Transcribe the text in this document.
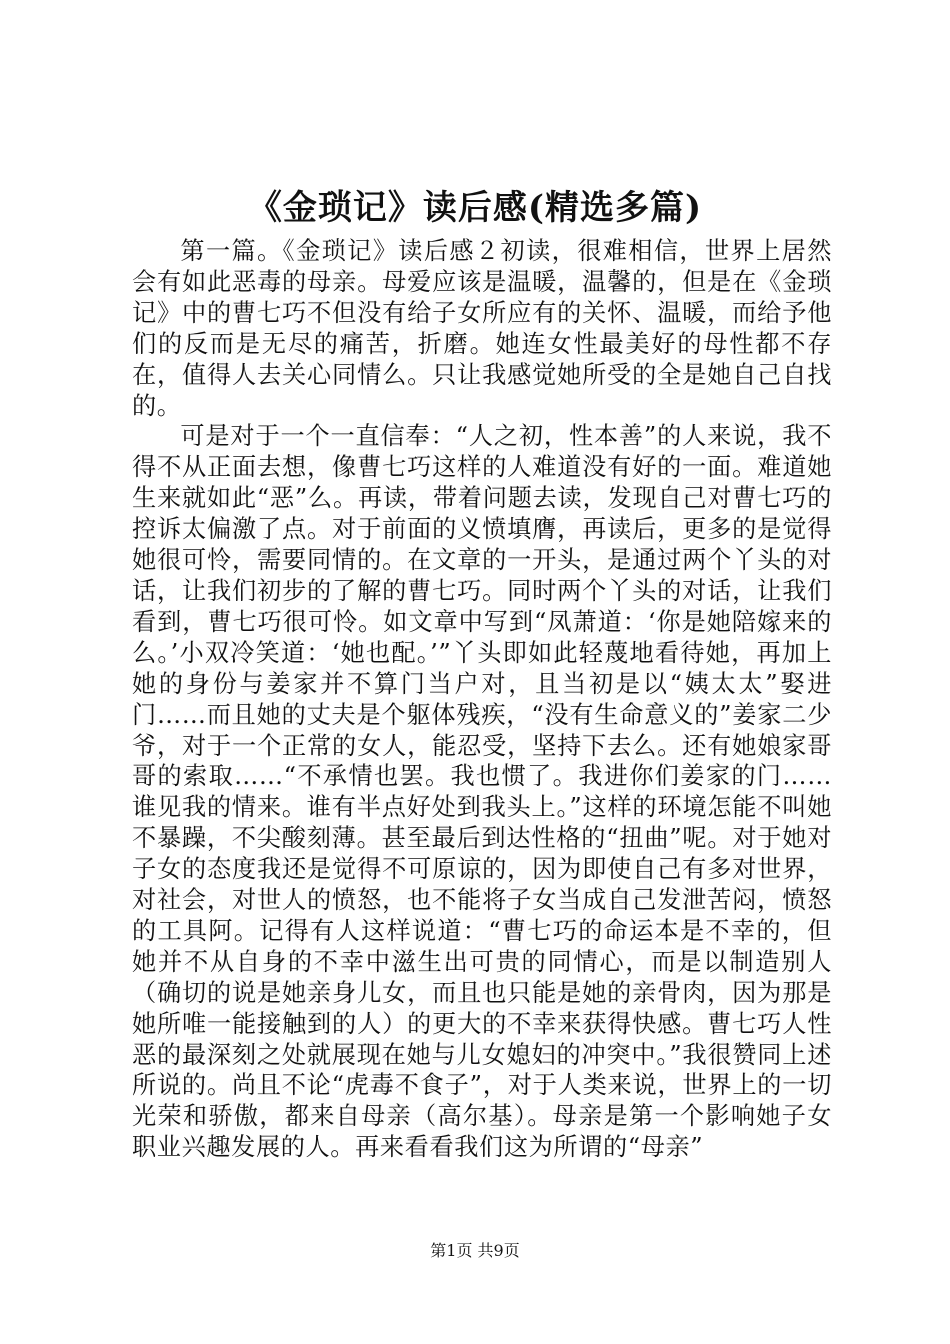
《金琐记》读后感(精选多篇)

第一篇。《金琐记》读后感２初读，很难相信，世界上居然会有如此恶毒的母亲。母爱应该是温暖，温馨的，但是在《金琐记》中的曹七巧不但没有给子女所应有的关怀、温暖，而给予他们的反而是无尽的痛苦，折磨。她连女性最美好的母性都不存在，值得人去关心同情么。只让我感觉她所受的全是她自己自找的。

可是对于一个一直信奉：“人之初，性本善”的人来说，我不得不从正面去想，像曹七巧这样的人难道没有好的一面。难道她生来就如此“恶”么。再读，带着问题去读，发现自己对曹七巧的控诉太偏激了点。对于前面的义愤填膺，再读后，更多的是觉得她很可怜，需要同情的。在文章的一开头，是通过两个丫头的对话，让我们初步的了解的曹七巧。同时两个丫头的对话，让我们看到，曹七巧很可怜。如文章中写到“凤萧道：‘你是她陪嫁来的么。’小双冷笑道：‘她也配。’”丫头即如此轻蔑地看待她，再加上她的身份与姜家并不算门当户对，且当初是以“姨太太”娶进门……而且她的丈夫是个躯体残疾，“没有生命意义的”姜家二少爷，对于一个正常的女人，能忍受，坚持下去么。还有她娘家哥哥的索取……“不承情也罢。我也惯了。我进你们姜家的门……谁见我的情来。谁有半点好处到我头上。”这样的环境怎能不叫她不暴躁，不尖酸刻薄。甚至最后到达性格的“扭曲”呢。对于她对子女的态度我还是觉得不可原谅的，因为即使自己有多对世界，对社会，对世人的愤怒，也不能将子女当成自己发泄苦闷，愤怒的工具阿。记得有人这样说道：“曹七巧的命运本是不幸的，但她并不从自身的不幸中滋生出可贵的同情心，而是以制造别人（确切的说是她亲身儿女，而且也只能是她的亲骨肉，因为那是她所唯一能接触到的人）的更大的不幸来获得快感。曹七巧人性恶的最深刻之处就展现在她与儿女媳妇的冲突中。”我很赞同上述所说的。尚且不论“虎毒不食子”，对于人类来说，世界上的一切光荣和骄傲，都来自母亲（高尔基）。母亲是第一个影响她子女职业兴趣发展的人。再来看看我们这为所谓的“母亲”

第1页 共9页
